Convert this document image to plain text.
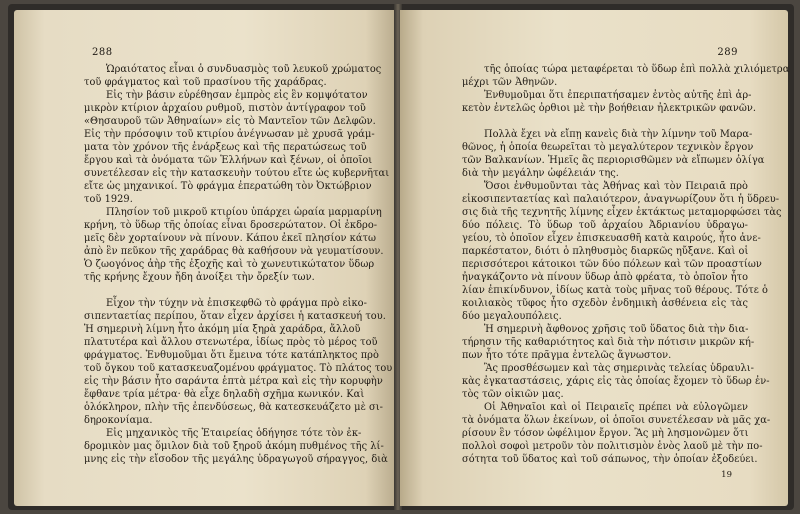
288
Ὡραιότατος εἶναι ὁ συνδυασμὸς τοῦ λευκοῦ χρώματος
τοῦ φράγματος καὶ τοῦ πρασίνου τῆς χαράδρας.
Εἰς τὴν βάσιν εὑρέθησαν ἐμπρὸς εἰς ἓν κομψότατον
μικρὸν κτίριον ἀρχαίου ρυθμοῦ, πιστὸν ἀντίγραφον τοῦ
«Θησαυροῦ τῶν Ἀθηναίων» εἰς τὸ Μαντεῖον τῶν Δελφῶν.
Εἰς τὴν πρόσοψιν τοῦ κτιρίου ἀνέγνωσαν μὲ χρυσᾶ γράμ-
ματα τὸν χρόνον τῆς ἐνάρξεως καὶ τῆς περατώσεως τοῦ
ἔργου καὶ τὰ ὀνόματα τῶν Ἑλλήνων καὶ ξένων, οἱ ὁποῖοι
συνετέλεσαν εἰς τὴν κατασκευὴν τούτου εἴτε ὡς κυβερνῆται
εἴτε ὡς μηχανικοί. Τὸ φράγμα ἐπερατώθη τὸν Ὀκτώβριον
τοῦ 1929.
Πλησίον τοῦ μικροῦ κτιρίου ὑπάρχει ὡραία μαρμαρίνη
κρήνη, τὸ ὕδωρ τῆς ὁποίας εἶναι δροσερώτατον. Οἱ ἐκδρο-
μεῖς δὲν χορταίνουν νὰ πίνουν. Κάπου ἐκεῖ πλησίον κάτω
ἀπὸ ἓν πεῦκον τῆς χαράδρας θὰ καθήσουν νὰ γευματίσουν.
Ὁ ζωογόνος ἀὴρ τῆς ἐξοχῆς καὶ τὸ χωνευτικώτατον ὕδωρ
τῆς κρήνης ἔχουν ἤδη ἀνοίξει τὴν ὄρεξίν των.
Εἶχον τὴν τύχην νὰ ἐπισκεφθῶ τὸ φράγμα πρὸ εἰκο-
σιπενταετίας περίπου, ὅταν εἶχεν ἀρχίσει ἡ κατασκευή του.
Ἡ σημερινὴ λίμνη ἦτο ἀκόμη μία ξηρὰ χαράδρα, ἄλλοῦ
πλατυτέρα καὶ ἄλλου στενωτέρα, ἰδίως πρὸς τὸ μέρος τοῦ
φράγματος. Ἐνθυμοῦμαι ὅτι ἔμεινα τότε κατάπληκτος πρὸ
τοῦ ὄγκου τοῦ κατασκευαζομένου φράγματος. Τὸ πλάτος του
εἰς τὴν βάσιν ἦτο σαράντα ἑπτὰ μέτρα καὶ εἰς τὴν κορυφὴν
ἔφθανε τρία μέτρα· θὰ εἶχε δηλαδὴ σχῆμα κωνικόν. Καὶ
ὁλόκληρον, πλὴν τῆς ἐπενδύσεως, θὰ κατεσκευάζετο μὲ σι-
δηροκονίαμα.
Εἰς μηχανικὸς τῆς Ἑταιρείας ὁδήγησε τότε τὸν ἐκ-
δρομικὸν μας ὅμιλον διὰ τοῦ ξηροῦ ἀκόμη πυθμένος τῆς λί-
μνης εἰς τὴν εἴσοδον τῆς μεγάλης ὑδραγωγοῦ σήραγγος, διὰ
289
τῆς ὁποίας τώρα μεταφέρεται τὸ ὕδωρ ἐπὶ πολλὰ χιλιόμετρα
μέχρι τῶν Ἀθηνῶν.
Ἐνθυμοῦμαι ὅτι ἐπεριπατήσαμεν ἐντὸς αὐτῆς ἐπὶ ἀρ-
κετὸν ἐντελῶς ὀρθιοι μὲ τὴν βοήθειαν ἠλεκτρικῶν φανῶν.
Πολλὰ ἔχει νὰ εἴπῃ κανεὶς διὰ τὴν λίμνην τοῦ Μαρα-
θῶνος, ἡ ὁποία θεωρεῖται τὸ μεγαλύτερον τεχνικὸν ἔργον
τῶν Βαλκανίων. Ἡμεῖς ἂς περιορισθῶμεν νὰ εἴπωμεν ὀλίγα
διὰ τὴν μεγάλην ὠφέλειάν της.
Ὅσοι ἐνθυμοῦνται τὰς Ἀθήνας καὶ τὸν Πειραιᾶ πρὸ
εἰκοσιπενταετίας καὶ παλαιότερον, ἀναγνωρίζουν ὅτι ἡ ὕδρευ-
σις διὰ τῆς τεχνητῆς λίμνης εἶχεν ἐκτάκτως μεταμορφώσει τὰς
δύο πόλεις. Τὸ ὕδωρ τοῦ ἀρχαίου Ἀδριανίου ὑδραγω-
γείου, τὸ ὁποῖον εἶχεν ἐπισκευασθῆ κατὰ καιρούς, ἦτο ἀνε-
παρκέστατον, διότι ὁ πληθυσμὸς διαρκῶς ηὔξανε. Καὶ οἱ
περισσότεροι κάτοικοι τῶν δύο πόλεων καὶ τῶν προαστίων
ἠναγκάζοντο νὰ πίνουν ὕδωρ ἀπὸ φρέατα, τὸ ὁποῖον ἦτο
λίαν ἐπικίνδυνον, ἰδίως κατὰ τοὺς μῆνας τοῦ θέρους. Τότε ὁ
κοιλιακὸς τῦφος ἦτο σχεδὸν ἐνδημικὴ ἀσθένεια εἰς τὰς
δύο μεγαλουπόλεις.
Ἡ σημερινὴ ἄφθονος χρῆσις τοῦ ὕδατος διὰ τὴν δια-
τήρησιν τῆς καθαριότητος καὶ διὰ τὴν πότισιν μικρῶν κή-
πων ἦτο τότε πρᾶγμα ἐντελῶς ἄγνωστον.
Ἂς προσθέσωμεν καὶ τὰς σημερινὰς τελείας ὑδραυλι-
κὰς ἐγκαταστάσεις, χάρις εἰς τὰς ὁποίας ἔχομεν τὸ ὕδωρ ἐν-
τὸς τῶν οἰκιῶν μας.
Οἱ Ἀθηναῖοι καὶ οἱ Πειραιεῖς πρέπει νὰ εὐλογῶμεν
τὰ ὀνόματα ὅλων ἐκείνων, οἱ ὁποῖοι συνετέλεσαν νὰ μᾶς χα-
ρίσουν ἓν τόσον ὠφέλιμον ἔργον. Ἂς μὴ λησμονῶμεν ὅτι
πολλοὶ σοφοὶ μετροῦν τὸν πολιτισμὸν ἑνὸς λαοῦ μὲ τὴν πο-
σότητα τοῦ ὕδατος καὶ τοῦ σάπωνος, τὴν ὁποίαν ἐξοδεύει.
19
